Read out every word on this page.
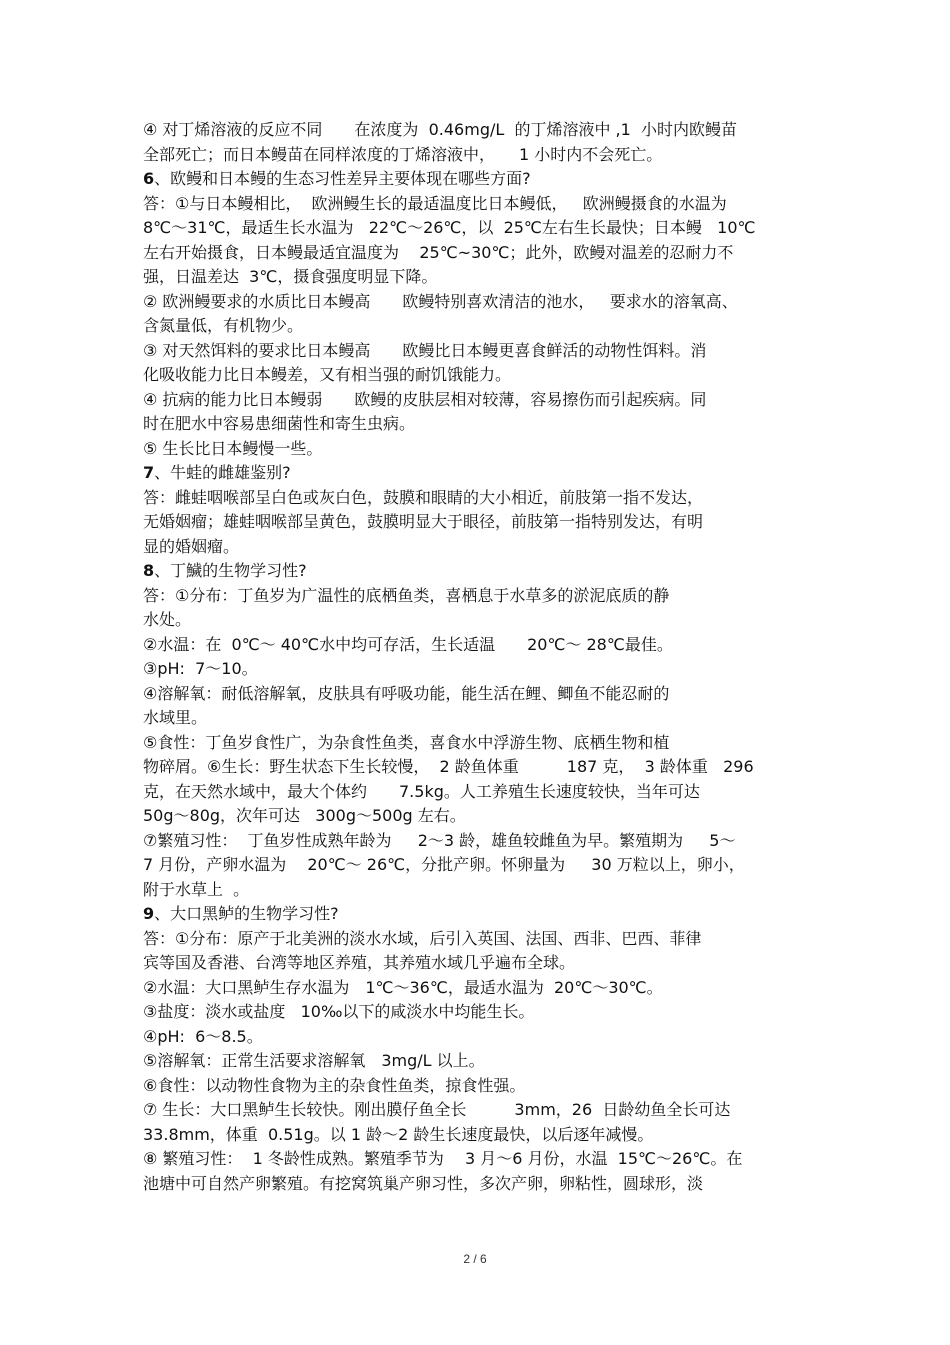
④ 对丁烯溶液的反应不同　　在浓度为  0.46mg/L  的丁烯溶液中 ,1  小时内欧鳗苗
全部死亡；而日本鳗苗在同样浓度的丁烯溶液中，　　1 小时内不会死亡。
6、欧鳗和日本鳗的生态习性差异主要体现在哪些方面?
答：①与日本鳗相比，  欧洲鳗生长的最适温度比日本鳗低，   欧洲鳗摄食的水温为
8℃～31℃，最适生长水温为   22℃～26℃，以  25℃左右生长最快；日本鳗   10℃
左右开始摄食，日本鳗最适宜温度为    25℃~30℃；此外，欧鳗对温差的忍耐力不
强，日温差达  3℃，摄食强度明显下降。
② 欧洲鳗要求的水质比日本鳗高　　欧鳗特别喜欢清洁的池水，   要求水的溶氧高、
含氮量低，有机物少。
③ 对天然饵料的要求比日本鳗高　　欧鳗比日本鳗更喜食鲜活的动物性饵料。消
化吸收能力比日本鳗差，又有相当强的耐饥饿能力。
④ 抗病的能力比日本鳗弱　　欧鳗的皮肤层相对较薄，容易擦伤而引起疾病。同
时在肥水中容易患细菌性和寄生虫病。
⑤ 生长比日本鳗慢一些。
7、牛蛙的雌雄鉴别?
答：雌蛙咽喉部呈白色或灰白色，鼓膜和眼睛的大小相近，前肢第一指不发达，
无婚姻瘤；雄蛙咽喉部呈黄色，鼓膜明显大于眼径，前肢第一指特别发达，有明
显的婚姻瘤。
8、丁鱥的生物学习性?
答：①分布：丁鱼岁为广温性的底栖鱼类，喜栖息于水草多的淤泥底质的静
水处。
②水温：在  0℃～ 40℃水中均可存活，生长适温　　20℃～ 28℃最佳。
③pH:  7～10。
④溶解氧：耐低溶解氧，皮肤具有呼吸功能，能生活在鲤、鲫鱼不能忍耐的
水域里。
⑤食性：丁鱼岁食性广，为杂食性鱼类，喜食水中浮游生物、底栖生物和植
物碎屑。⑥生长：野生状态下生长较慢，  2 龄鱼体重　　　187 克，  3 龄体重   296
克，在天然水域中，最大个体约　　7.5kg。人工养殖生长速度较快，当年可达
50g～80g，次年可达   300g～500g 左右。
⑦繁殖习性：  丁鱼岁性成熟年龄为　  2～3 龄，雄鱼较雌鱼为早。繁殖期为　  5～
7 月份，产卵水温为　 20℃～ 26℃，分批产卵。怀卵量为　  30 万粒以上，卵小，
附于水草上  。
9、大口黑鲈的生物学习性?
答：①分布：原产于北美洲的淡水水域，后引入英国、法国、西非、巴西、菲律
宾等国及香港、台湾等地区养殖，其养殖水域几乎遍布全球。
②水温：大口黑鲈生存水温为　1℃～36℃，最适水温为  20℃～30℃。
③盐度：淡水或盐度   10‰以下的咸淡水中均能生长。
④pH:  6～8.5。
⑤溶解氧：正常生活要求溶解氧　3mg/L 以上。
⑥食性：以动物性食物为主的杂食性鱼类，掠食性强。
⑦ 生长：大口黑鲈生长较快。刚出膜仔鱼全长　　　3mm，26  日龄幼鱼全长可达
33.8mm，体重  0.51g。以 1 龄～2 龄生长速度最快，以后逐年减慢。
⑧ 繁殖习性：  1 冬龄性成熟。繁殖季节为　 3 月～6 月份，水温  15℃～26℃。在
池塘中可自然产卵繁殖。有挖窝筑巢产卵习性，多次产卵，卵粘性，圆球形，淡
2 / 6
